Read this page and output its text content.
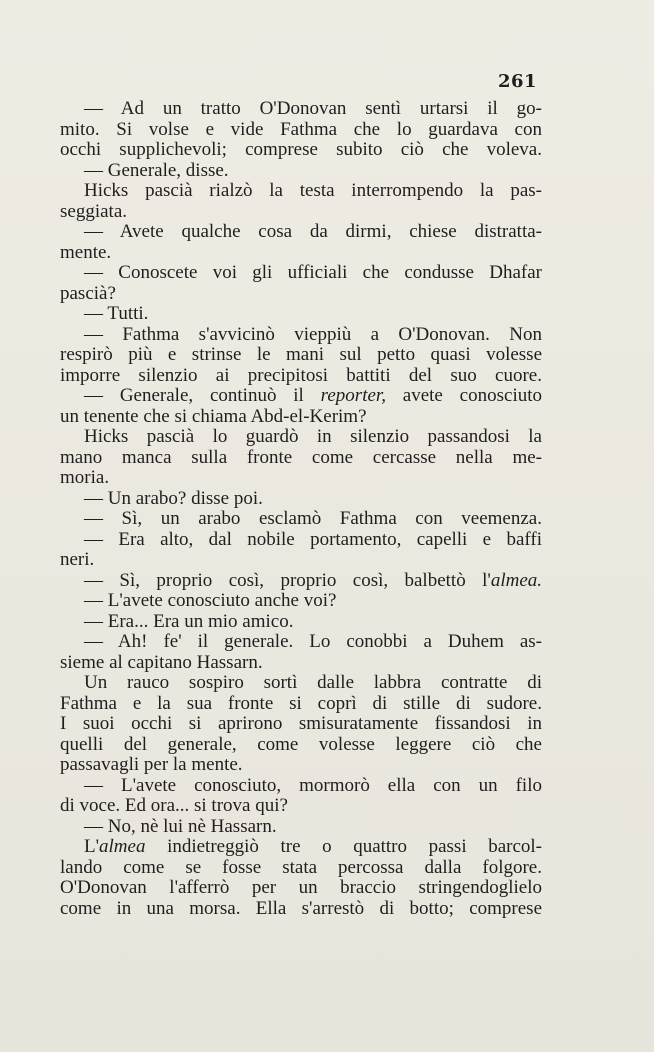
261
— Ad un tratto O'Donovan sentì urtarsi il go-
mito. Si volse e vide Fathma che lo guardava con
occhi supplichevoli; comprese subito ciò che voleva.
— Generale, disse.
Hicks pascià rialzò la testa interrompendo la pas-
seggiata.
— Avete qualche cosa da dirmi, chiese distratta-
mente.
— Conoscete voi gli ufficiali che condusse Dhafar
pascià?
— Tutti.
— Fathma s'avvicinò vieppiù a O'Donovan. Non
respirò più e strinse le mani sul petto quasi volesse
imporre silenzio ai precipitosi battiti del suo cuore.
— Generale, continuò il reporter, avete conosciuto
un tenente che si chiama Abd-el-Kerim?
Hicks pascià lo guardò in silenzio passandosi la
mano manca sulla fronte come cercasse nella me-
moria.
— Un arabo? disse poi.
— Sì, un arabo esclamò Fathma con veemenza.
— Era alto, dal nobile portamento, capelli e baffi
neri.
— Sì, proprio così, proprio così, balbettò l'almea.
— L'avete conosciuto anche voi?
— Era... Era un mio amico.
— Ah! fe' il generale. Lo conobbi a Duhem as-
sieme al capitano Hassarn.
Un rauco sospiro sortì dalle labbra contratte di
Fathma e la sua fronte si coprì di stille di sudore.
I suoi occhi si aprirono smisuratamente fissandosi in
quelli del generale, come volesse leggere ciò che
passavagli per la mente.
— L'avete conosciuto, mormorò ella con un filo
di voce. Ed ora... si trova qui?
— No, nè lui nè Hassarn.
L'almea indietreggiò tre o quattro passi barcol-
lando come se fosse stata percossa dalla folgore.
O'Donovan l'afferrò per un braccio stringendoglielo
come in una morsa. Ella s'arrestò di botto; comprese
